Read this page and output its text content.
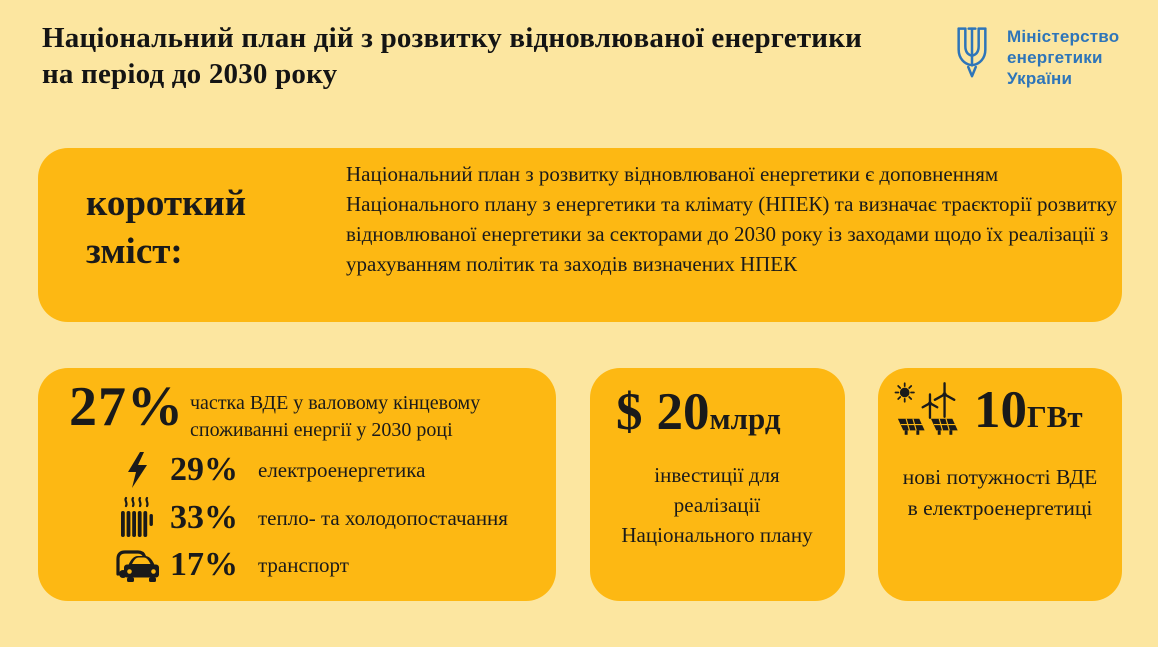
Національний план дій з розвитку відновлюваної енергетики на період до 2030 року
Міністерство енергетики України
короткий зміст:
Національний план з розвитку відновлюваної енергетики є доповненням Національного плану з енергетики та клімату (НПЕК) та визначає траєкторії розвитку відновлюваної енергетики за секторами до 2030 року із заходами щодо їх реалізації з урахуванням політик та заходів визначених НПЕК
27% частка ВДЕ у валовому кінцевому споживанні енергії у 2030 році
29% електроенергетика
33% тепло- та холодопостачання
17% транспорт
$ 20млрд
інвестиції для реалізації Національного плану
10ГВт
нові потужності ВДЕ в електроенергетиці
